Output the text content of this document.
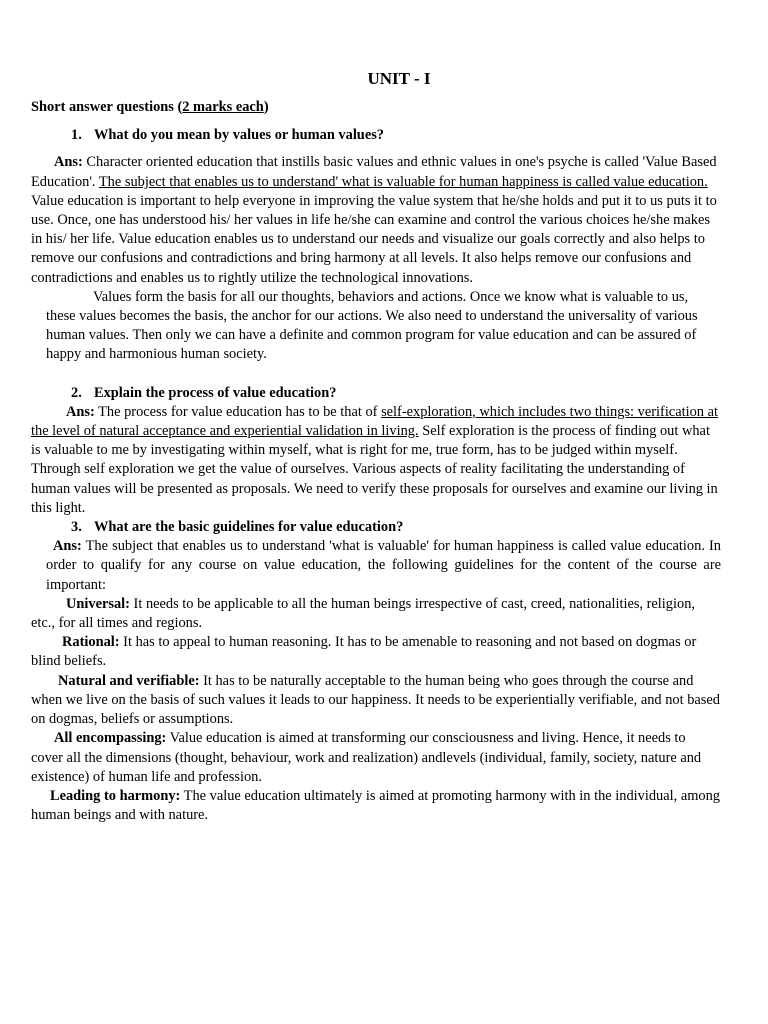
UNIT - I

Short answer questions (2 marks each)

1. What do you mean by values or human values?

Ans: Character oriented education that instills basic values and ethnic values in one's psyche is called 'Value Based Education'. The subject that enables us to understand' what is valuable for human happiness is called value education. Value education is important to help everyone in improving the value system that he/she holds and put it to us puts it to use. Once, one has understood his/ her values in life he/she can examine and control the various choices he/she makes in his/ her life. Value education enables us to understand our needs and visualize our goals correctly and also helps to remove our confusions and contradictions and bring harmony at all levels. It also helps remove our confusions and contradictions and enables us to rightly utilize the technological innovations.

Values form the basis for all our thoughts, behaviors and actions. Once we know what is valuable to us, these values becomes the basis, the anchor for our actions. We also need to understand the universality of various human values. Then only we can have a definite and common program for value education and can be assured of happy and harmonious human society.

2. Explain the process of value education?

Ans: The process for value education has to be that of self-exploration, which includes two things: verification at the level of natural acceptance and experiential validation in living. Self exploration is the process of finding out what is valuable to me by investigating within myself, what is right for me, true form, has to be judged within myself. Through self exploration we get the value of ourselves. Various aspects of reality facilitating the understanding of human values will be presented as proposals. We need to verify these proposals for ourselves and examine our living in this light.

3. What are the basic guidelines for value education?

Ans: The subject that enables us to understand 'what is valuable' for human happiness is called value education. In order to qualify for any course on value education, the following guidelines for the content of the course are important:

Universal: It needs to be applicable to all the human beings irrespective of cast, creed, nationalities, religion, etc., for all times and regions.

Rational: It has to appeal to human reasoning. It has to be amenable to reasoning and not based on dogmas or blind beliefs.

Natural and verifiable: It has to be naturally acceptable to the human being who goes through the course and when we live on the basis of such values it leads to our happiness. It needs to be experientially verifiable, and not based on dogmas, beliefs or assumptions.

All encompassing: Value education is aimed at transforming our consciousness and living. Hence, it needs to cover all the dimensions (thought, behaviour, work and realization) andlevels (individual, family, society, nature and existence) of human life and profession.

Leading to harmony: The value education ultimately is aimed at promoting harmony with in the individual, among human beings and with nature.
